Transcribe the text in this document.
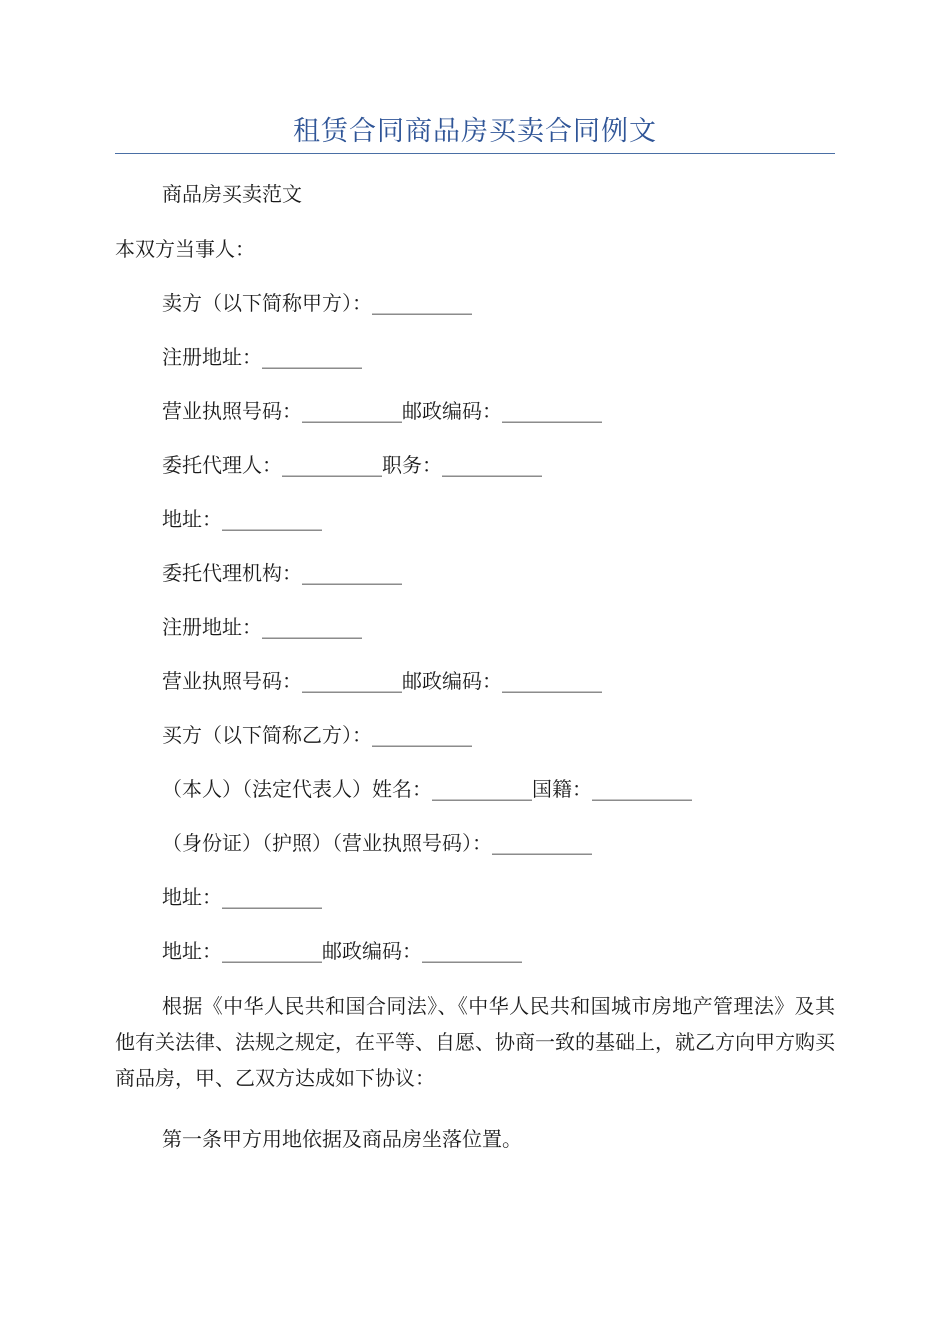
租赁合同商品房买卖合同例文
商品房买卖范文
本双方当事人：
卖方（以下简称甲方）：__________
注册地址：__________
营业执照号码：__________邮政编码：__________
委托代理人：__________职务：__________
地址：__________
委托代理机构：__________
注册地址：__________
营业执照号码：__________邮政编码：__________
买方（以下简称乙方）：__________
（本人）（法定代表人）姓名：__________国籍：__________
（身份证）（护照）（营业执照号码）：__________
地址：__________
地址：__________邮政编码：__________
根据《中华人民共和国合同法》、《中华人民共和国城市房地产管理法》及其他有关法律、法规之规定，在平等、自愿、协商一致的基础上，就乙方向甲方购买商品房，甲、乙双方达成如下协议：
第一条甲方用地依据及商品房坐落位置。
